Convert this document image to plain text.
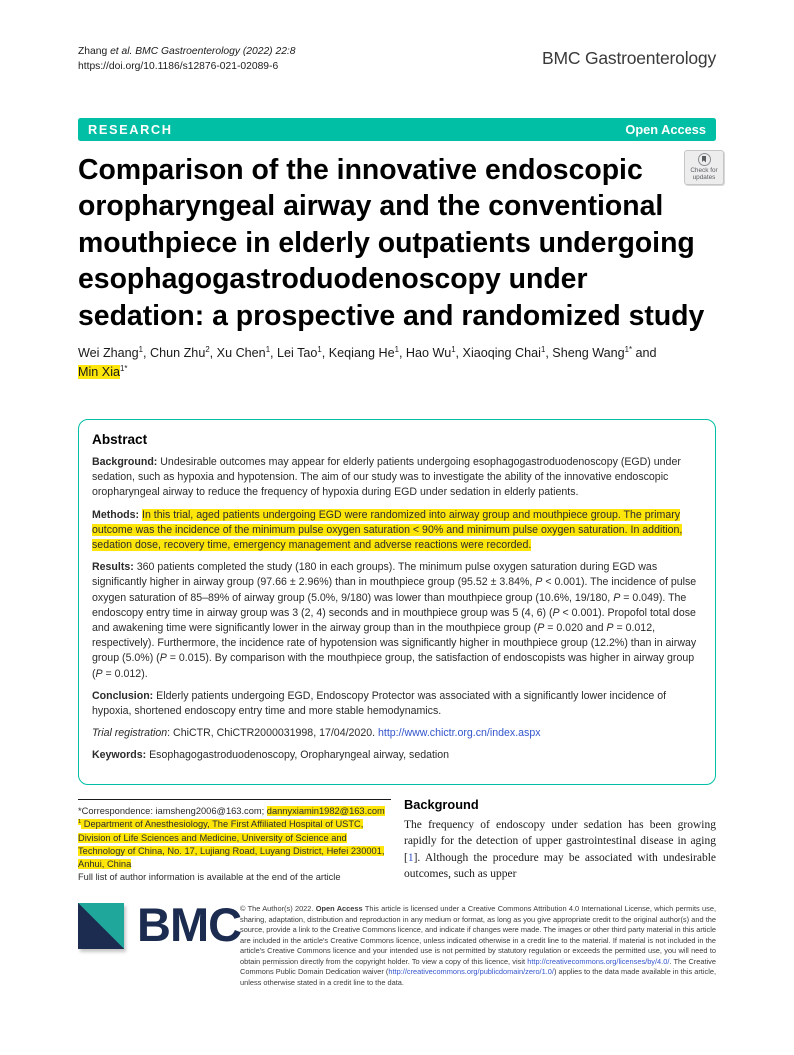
Zhang et al. BMC Gastroenterology (2022) 22:8
https://doi.org/10.1186/s12876-021-02089-6	BMC Gastroenterology
RESEARCH	Open Access
Comparison of the innovative endoscopic oropharyngeal airway and the conventional mouthpiece in elderly outpatients undergoing esophagogastroduodenoscopy under sedation: a prospective and randomized study
Check for
updates
Wei Zhang$^1$, Chun Zhu$^2$, Xu Chen$^1$, Lei Tao$^1$, Keqiang He$^1$, Hao Wu$^1$, Xiaoqing Chai$^1$, Sheng Wang$^{1*}$ and
Min Xia$^{1*}$
Abstract

Background: Undesirable outcomes may appear for elderly patients undergoing esophagogastroduodenoscopy (EGD) under sedation, such as hypoxia and hypotension. The aim of our study was to investigate the ability of the innovative endoscopic oropharyngeal airway to reduce the frequency of hypoxia during EGD under sedation in elderly patients.

Methods: In this trial, aged patients undergoing EGD were randomized into airway group and mouthpiece group. The primary outcome was the incidence of the minimum pulse oxygen saturation < 90% and minimum pulse oxygen saturation. In addition, sedation dose, recovery time, emergency management and adverse reactions were recorded.

Results: 360 patients completed the study (180 in each groups). The minimum pulse oxygen saturation during EGD was significantly higher in airway group (97.66 ± 2.96%) than in mouthpiece group (95.52 ± 3.84%, P < 0.001). The incidence of pulse oxygen saturation of 85–89% of airway group (5.0%, 9/180) was lower than mouthpiece group (10.6%, 19/180, P = 0.049). The endoscopy entry time in airway group was 3 (2, 4) seconds and in mouthpiece group was 5 (4, 6) (P < 0.001). Propofol total dose and awakening time were significantly lower in the airway group than in the mouthpiece group (P = 0.020 and P = 0.012, respectively). Furthermore, the incidence rate of hypotension was significantly higher in mouthpiece group (12.2%) than in airway group (5.0%) (P = 0.015). By comparison with the mouthpiece group, the satisfaction of endoscopists was higher in airway group (P = 0.012).

Conclusion: Elderly patients undergoing EGD, Endoscopy Protector was associated with a significantly lower incidence of hypoxia, shortened endoscopy entry time and more stable hemodynamics.

Trial registration: ChiCTR, ChiCTR2000031998, 17/04/2020. http://www.chictr.org.cn/index.aspx

Keywords: Esophagogastroduodenoscopy, Oropharyngeal airway, sedation

*Correspondence: iamsheng2006@163.com; dannyxiamin1982@163.com
$^1$ Department of Anesthesiology, The First Affiliated Hospital of USTC, Division of Life Sciences and Medicine, University of Science and Technology of China, No. 17, Lujiang Road, Luyang District, Hefei 230001, Anhui, China
Full list of author information is available at the end of the article
Background

The frequency of endoscopy under sedation has been growing rapidly for the detection of upper gastrointestinal disease in aging [1]. Although the procedure may be associated with undesirable outcomes, such as upper

BMC
© The Author(s) 2022. Open Access This article is licensed under a Creative Commons Attribution 4.0 International License, which permits use, sharing, adaptation, distribution and reproduction in any medium or format, as long as you give appropriate credit to the original author(s) and the source, provide a link to the Creative Commons licence, and indicate if changes were made. The images or other third party material in this article are included in the article's Creative Commons licence, unless indicated otherwise in a credit line to the material. If material is not included in the article's Creative Commons licence and your intended use is not permitted by statutory regulation or exceeds the permitted use, you will need to obtain permission directly from the copyright holder. To view a copy of this licence, visit http://creativecommons.org/licenses/by/4.0/. The Creative Commons Public Domain Dedication waiver (http://creativecommons.org/publicdomain/zero/1.0/) applies to the data made available in this article, unless otherwise stated in a credit line to the data.
